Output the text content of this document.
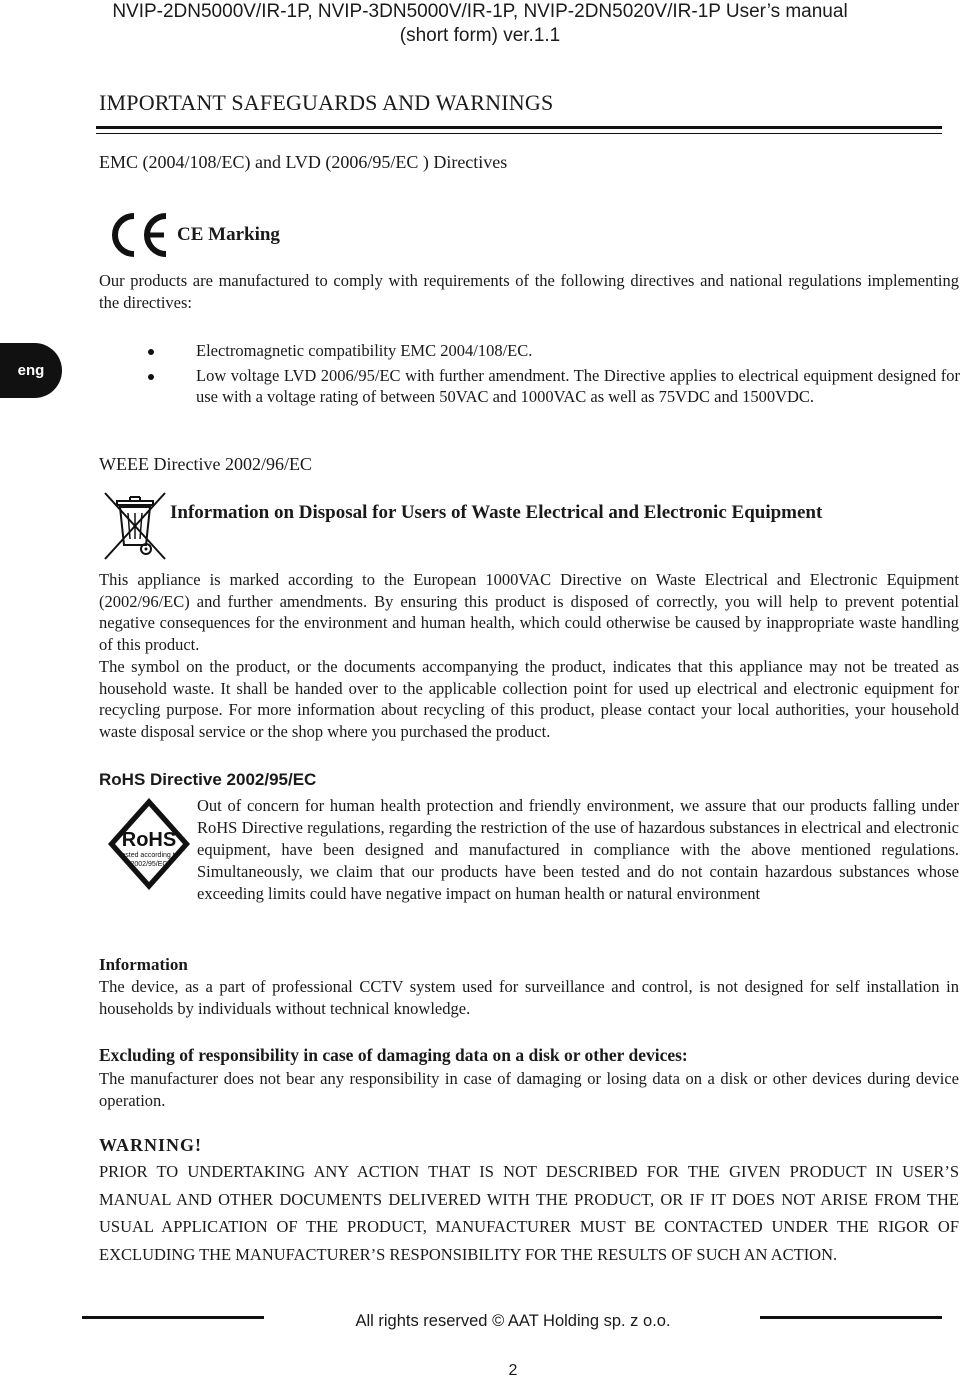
NVIP-2DN5000V/IR-1P, NVIP-3DN5000V/IR-1P, NVIP-2DN5020V/IR-1P User’s manual
(short form) ver.1.1
IMPORTANT SAFEGUARDS AND WARNINGS
EMC (2004/108/EC) and LVD (2006/95/EC ) Directives
CE Marking

Our products are manufactured to comply with requirements of the following directives and national regulations implementing the directives:

eng
Electromagnetic compatibility EMC 2004/108/EC.
Low voltage LVD 2006/95/EC with further amendment. The Directive applies to electrical equipment designed for use with a voltage rating of between 50VAC and 1000VAC as well as 75VDC and 1500VDC.
WEEE Directive 2002/96/EC
Information on Disposal for Users of Waste Electrical and Electronic Equipment

This appliance is marked according to the European 1000VAC Directive on Waste Electrical and Electronic Equipment (2002/96/EC) and further amendments. By ensuring this product is disposed of correctly, you will help to prevent potential negative consequences for the environment and human health, which could otherwise be caused by inappropriate waste handling of this product.

The symbol on the product, or the documents accompanying the product, indicates that this appliance may not be treated as household waste. It shall be handed over to the applicable collection point for used up electrical and electronic equipment for recycling purpose. For more information about recycling of this product, please contact your local authorities, your household waste disposal service or the shop where you purchased the product.

RoHS Directive 2002/95/EC

Out of concern for human health protection and friendly environment, we assure that our products falling under RoHS Directive regulations, regarding the restriction of the use of hazardous substances in electrical and electronic equipment, have been designed and manufactured in compliance with the above mentioned regulations. Simultaneously, we claim that our products have been tested and do not contain hazardous substances whose exceeding limits could have negative impact on human health or natural environment

RoHS
tested according to
2002/95/EC
Information

The device, as a part of professional CCTV system used for surveillance and control, is not designed for self installation in households by individuals without technical knowledge.

Excluding of responsibility in case of damaging data on a disk or other devices:

The manufacturer does not bear any responsibility in case of damaging or losing data on a disk or other devices during device operation.

WARNING!

PRIOR TO UNDERTAKING ANY ACTION THAT IS NOT DESCRIBED FOR THE GIVEN PRODUCT IN USER’S MANUAL AND OTHER DOCUMENTS DELIVERED WITH THE PRODUCT, OR IF IT DOES NOT ARISE FROM THE USUAL APPLICATION OF THE PRODUCT, MANUFACTURER MUST BE CONTACTED UNDER THE RIGOR OF EXCLUDING THE MANUFACTURER’S RESPONSIBILITY FOR THE RESULTS OF SUCH AN ACTION.

All rights reserved © AAT Holding sp. z o.o.
2
